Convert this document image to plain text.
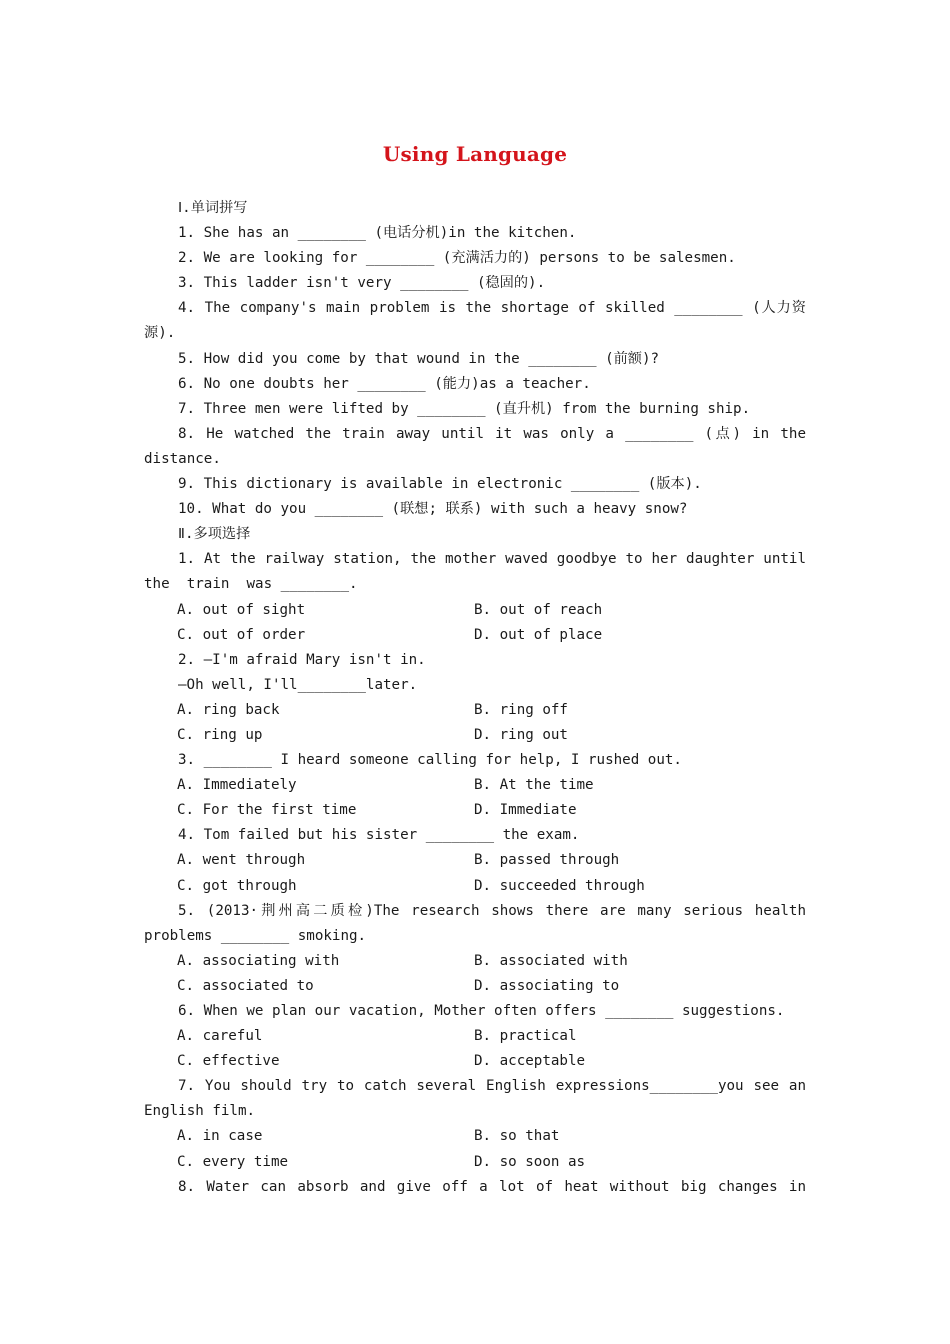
Using Language
Ⅰ.单词拼写
1. She has an ________ (电话分机)in the kitchen.
2. We are looking for ________ (充满活力的) persons to be salesmen.
3. This ladder isn't very ________ (稳固的).
4. The company's main problem is the shortage of skilled ________ (人力资
源).
5. How did you come by that wound in the ________ (前额)?
6. No one doubts her ________ (能力)as a teacher.
7. Three men were lifted by ________ (直升机) from the burning ship.
8. He watched the train away until it was only a ________ (点) in the
distance.
9. This dictionary is available in electronic ________ (版本).
10. What do you ________ (联想; 联系) with such a heavy snow?
Ⅱ.多项选择
1. At the railway station, the mother waved goodbye to her daughter until
the  train  was ________.
A. out of sight	B. out of reach
C. out of order	D. out of place
2. —I'm afraid Mary isn't in.
—Oh well, I'll________later.
A. ring back	B. ring off
C. ring up	D. ring out
3. ________ I heard someone calling for help, I rushed out.
A. Immediately	B. At the time
C. For the first time	D. Immediate
4. Tom failed but his sister ________ the exam.
A. went through	B. passed through
C. got through	D. succeeded through
5. (2013·荆州高二质检)The research shows there are many serious health
problems ________ smoking.
A. associating with	B. associated with
C. associated to	D. associating to
6. When we plan our vacation, Mother often offers ________ suggestions.
A. careful	B. practical
C. effective	D. acceptable
7. You should try to catch several English expressions________you see an
English film.
A. in case	B. so that
C. every time	D. so soon as
8. Water can absorb and give off a lot of heat without big changes in
